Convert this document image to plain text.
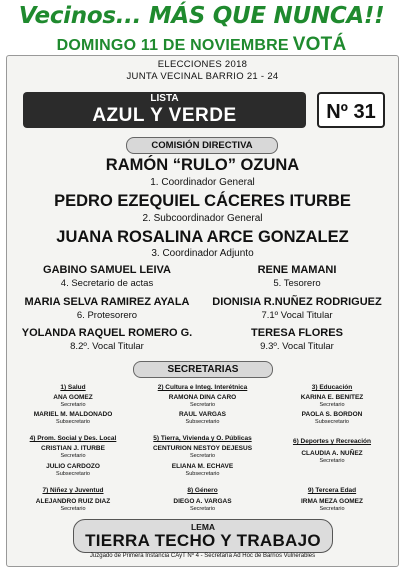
Vecinos... MÁS QUE NUNCA!!
DOMINGO 11 DE NOVIEMBRE VOTÁ
ELECCIONES 2018
JUNTA VECINAL BARRIO 21 - 24
LISTA
AZUL Y VERDE	Nº 31
COMISIÓN DIRECTIVA
RAMÓN “RULO” OZUNA
1. Coordinador General
PEDRO EZEQUIEL CÁCERES ITURBE
2. Subcoordinador General
JUANA ROSALINA ARCE GONZALEZ
3. Coordinador Adjunto
GABINO SAMUEL LEIVA
4. Secretario de actas
RENE MAMANI
5. Tesorero
MARIA SELVA RAMIREZ AYALA
6. Protesorero
DIONISIA R.NUÑEZ RODRIGUEZ
7.1º Vocal Titular
YOLANDA RAQUEL ROMERO G.
8.2º. Vocal Titular
TERESA FLORES
9.3º. Vocal Titular
SECRETARIAS
1) Salud
ANA GOMEZ
Secretario
MARIEL M. MALDONADO
Subsecretario
2) Cultura e Integ. Interétnica
RAMONA DINA CARO
Secretario
RAUL VARGAS
Subsecretario
3) Educación
KARINA E. BENITEZ
Secretario
PAOLA S. BORDON
Subsecretario
4) Prom. Social y Des. Local
CRISTIAN J. ITURBE
Secretario
JULIO CARDOZO
Subsecretario
5) Tierra, Vivienda y O. Públicas
CENTURION NESTOY DEJESUS
Secretario
ELIANA M. ECHAVE
Subsecretario
6) Deportes y Recreación
CLAUDIA A. NUÑEZ
Secretario
7) Niñez y Juventud
ALEJANDRO RUIZ DIAZ
Secretario
8) Género
DIEGO A. VARGAS
Secretario
9) Tercera Edad
IRMA MEZA GOMEZ
Secretario
LEMA
TIERRA TECHO Y TRABAJO
Juzgado de Primera Instancia CAyT Nº 4 - Secretaría Ad Hoc de Barrios Vulnerables
